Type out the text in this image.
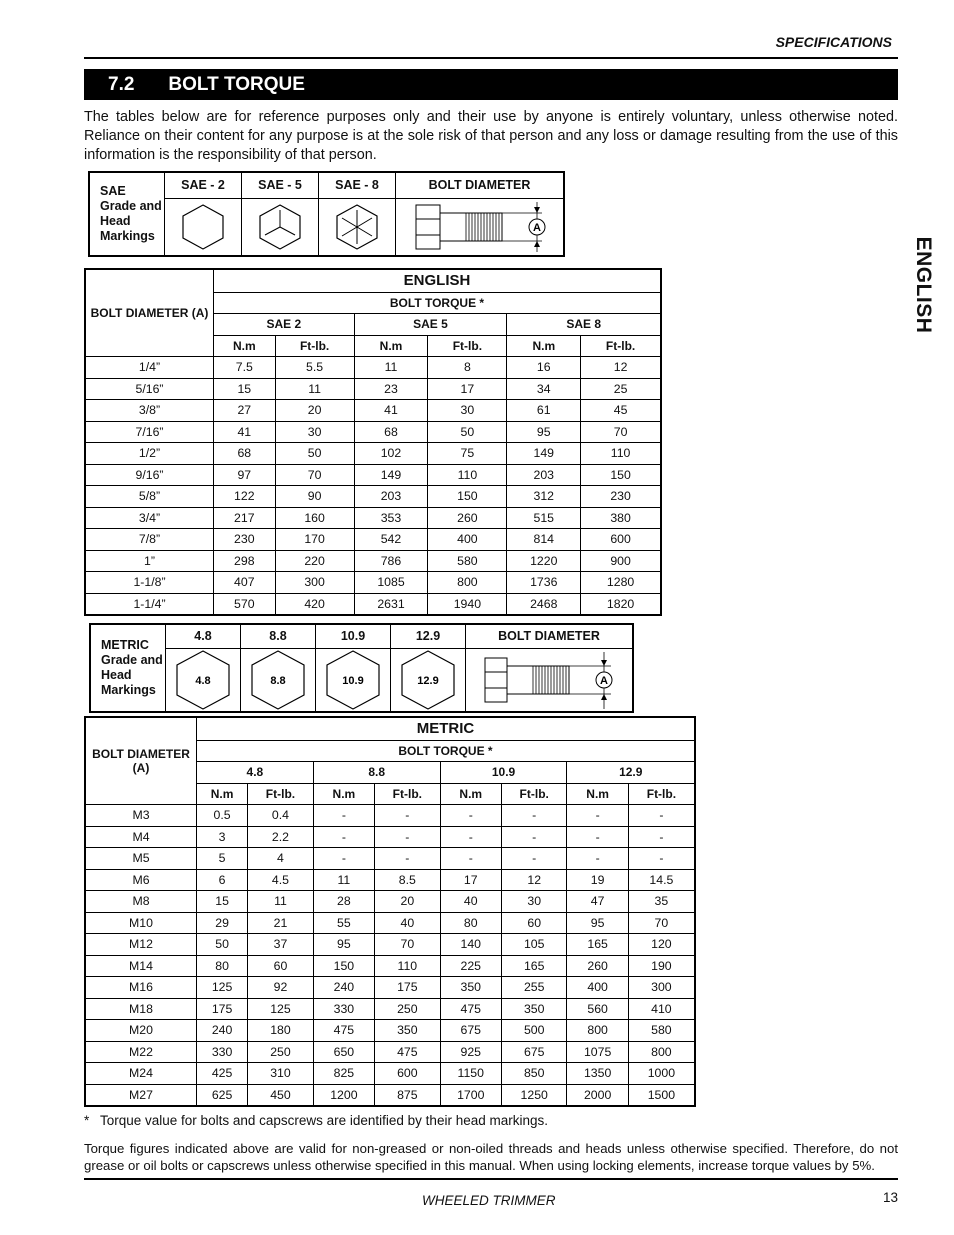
SPECIFICATIONS
7.2 BOLT TORQUE
The tables below are for reference purposes only and their use by anyone is entirely voluntary, unless otherwise noted. Reliance on their content for any purpose is at the sole risk of that person and any loss or damage resulting from the use of this information is the responsibility of that person.
ENGLISH
SAE Grade and Head Markings	SAE - 2	SAE - 5	SAE - 8	BOLT DIAMETER

A
BOLT DIAMETER (A)	ENGLISH					
	BOLT TORQUE *					
	SAE 2		SAE 5		SAE 8	
	N.m	Ft-lb.	N.m	Ft-lb.	N.m	Ft-lb.
1/4”	7.5	5.5	11	8	16	12
5/16”	15	11	23	17	34	25
3/8”	27	20	41	30	61	45
7/16”	41	30	68	50	95	70
1/2”	68	50	102	75	149	110
9/16”	97	70	149	110	203	150
5/8”	122	90	203	150	312	230
3/4”	217	160	353	260	515	380
7/8”	230	170	542	400	814	600
1”	298	220	786	580	1220	900
1-1/8”	407	300	1085	800	1736	1280
1-1/4”	570	420	2631	1940	2468	1820
METRIC Grade and Head Markings	4.8	8.8	10.9	12.9	BOLT DIAMETER

4.8	8.8	10.9	12.9	A
BOLT DIAMETER (A)	METRIC							
	BOLT TORQUE *							
	4.8		8.8		10.9		12.9	
	N.m	Ft-lb.	N.m	Ft-lb.	N.m	Ft-lb.	N.m	Ft-lb.
M3	0.5	0.4	-	-	-	-	-	-
M4	3	2.2	-	-	-	-	-	-
M5	5	4	-	-	-	-	-	-
M6	6	4.5	11	8.5	17	12	19	14.5
M8	15	11	28	20	40	30	47	35
M10	29	21	55	40	80	60	95	70
M12	50	37	95	70	140	105	165	120
M14	80	60	150	110	225	165	260	190
M16	125	92	240	175	350	255	400	300
M18	175	125	330	250	475	350	560	410
M20	240	180	475	350	675	500	800	580
M22	330	250	650	475	925	675	1075	800
M24	425	310	825	600	1150	850	1350	1000
M27	625	450	1200	875	1700	1250	2000	1500
* Torque value for bolts and capscrews are identified by their head markings.
Torque figures indicated above are valid for non-greased or non-oiled threads and heads unless otherwise specified. Therefore, do not grease or oil bolts or capscrews unless otherwise specified in this manual. When using locking elements, increase torque values by 5%.
WHEELED TRIMMER	13
